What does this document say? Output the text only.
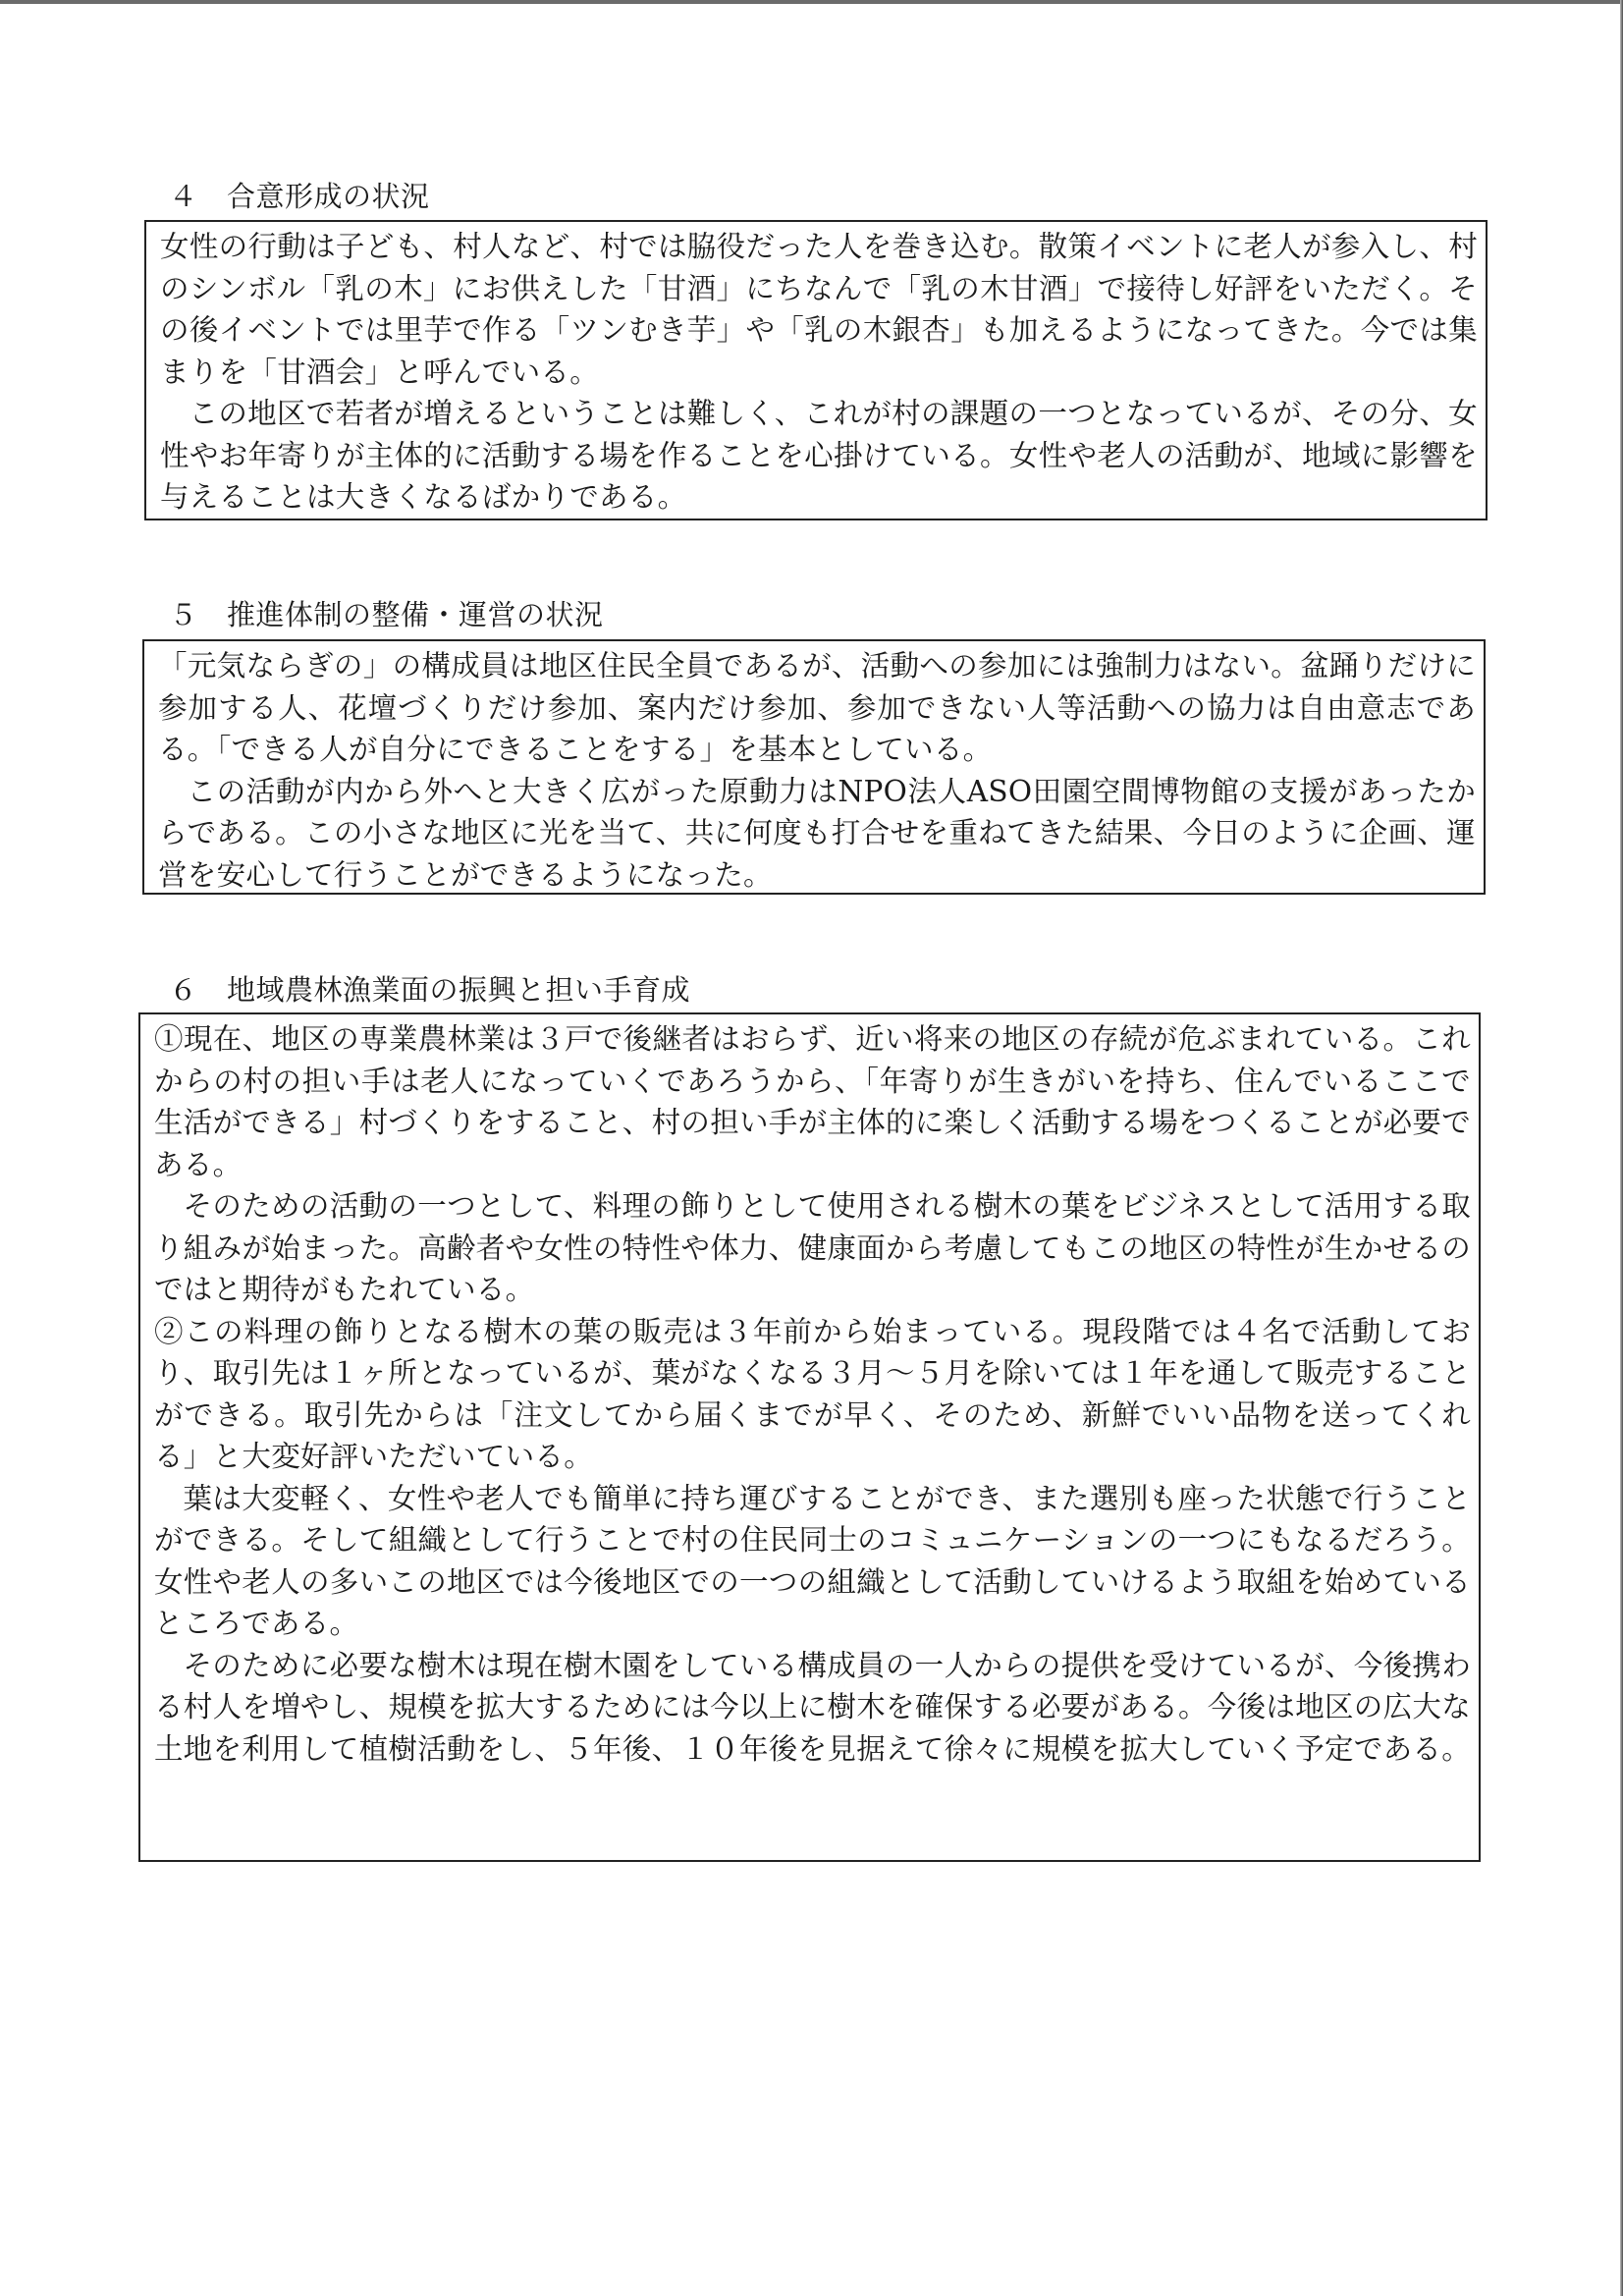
４　合意形成の状況

女性の行動は子ども、村人など、村では脇役だった人を巻き込む。散策イベントに老人が参入し、村のシンボル「乳の木」にお供えした「甘酒」にちなんで「乳の木甘酒」で接待し好評をいただく。その後イベントでは里芋で作る「ツンむき芋」や「乳の木銀杏」も加えるようになってきた。今では集まりを「甘酒会」と呼んでいる。

この地区で若者が増えるということは難しく、これが村の課題の一つとなっているが、その分、女性やお年寄りが主体的に活動する場を作ることを心掛けている。女性や老人の活動が、地域に影響を与えることは大きくなるばかりである。

５　推進体制の整備・運営の状況

「元気ならぎの」の構成員は地区住民全員であるが、活動への参加には強制力はない。盆踊りだけに参加する人、花壇づくりだけ参加、案内だけ参加、参加できない人等活動への協力は自由意志である。「できる人が自分にできることをする」を基本としている。

この活動が内から外へと大きく広がった原動力はNPO法人ASO田園空間博物館の支援があったからである。この小さな地区に光を当て、共に何度も打合せを重ねてきた結果、今日のように企画、運営を安心して行うことができるようになった。

６　地域農林漁業面の振興と担い手育成

①現在、地区の専業農林業は３戸で後継者はおらず、近い将来の地区の存続が危ぶまれている。これからの村の担い手は老人になっていくであろうから、「年寄りが生きがいを持ち、住んでいるここで生活ができる」村づくりをすること、村の担い手が主体的に楽しく活動する場をつくることが必要である。

そのための活動の一つとして、料理の飾りとして使用される樹木の葉をビジネスとして活用する取り組みが始まった。高齢者や女性の特性や体力、健康面から考慮してもこの地区の特性が生かせるのではと期待がもたれている。

②この料理の飾りとなる樹木の葉の販売は３年前から始まっている。現段階では４名で活動しており、取引先は１ヶ所となっているが、葉がなくなる３月～５月を除いては１年を通して販売することができる。取引先からは「注文してから届くまでが早く、そのため、新鮮でいい品物を送ってくれる」と大変好評いただいている。

葉は大変軽く、女性や老人でも簡単に持ち運びすることができ、また選別も座った状態で行うことができる。そして組織として行うことで村の住民同士のコミュニケーションの一つにもなるだろう。女性や老人の多いこの地区では今後地区での一つの組織として活動していけるよう取組を始めているところである。

そのために必要な樹木は現在樹木園をしている構成員の一人からの提供を受けているが、今後携わる村人を増やし、規模を拡大するためには今以上に樹木を確保する必要がある。今後は地区の広大な土地を利用して植樹活動をし、５年後、１０年後を見据えて徐々に規模を拡大していく予定である。
